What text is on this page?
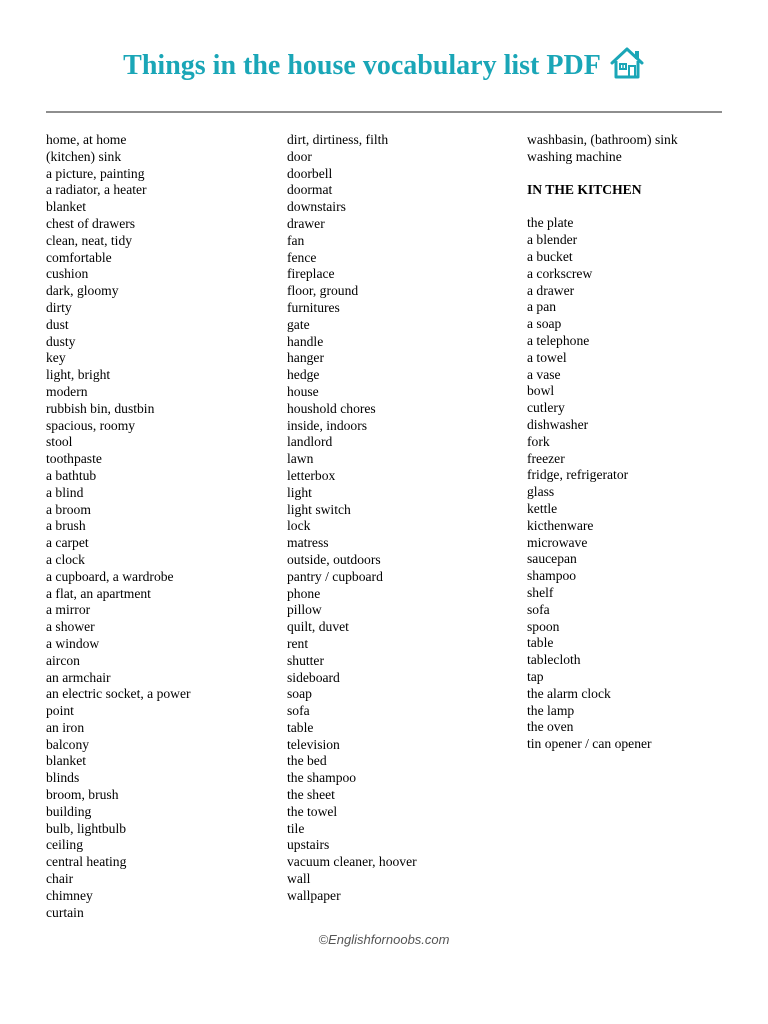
Things in the house vocabulary list PDF
home, at home
(kitchen) sink
a picture, painting
a radiator, a heater
blanket
chest of drawers
clean, neat, tidy
comfortable
cushion
dark, gloomy
dirty
dust
dusty
key
light, bright
modern
rubbish bin, dustbin
spacious, roomy
stool
toothpaste
a bathtub
a blind
a broom
a brush
a carpet
a clock
a cupboard, a wardrobe
a flat, an apartment
a mirror
a shower
a window
aircon
an armchair
an electric socket, a power
point
an iron
balcony
blanket
blinds
broom, brush
building
bulb, lightbulb
ceiling
central heating
chair
chimney
curtain
dirt, dirtiness, filth
door
doorbell
doormat
downstairs
drawer
fan
fence
fireplace
floor, ground
furnitures
gate
handle
hanger
hedge
house
houshold chores
inside, indoors
landlord
lawn
letterbox
light
light switch
lock
matress
outside, outdoors
pantry / cupboard
phone
pillow
quilt, duvet
rent
shutter
sideboard
soap
sofa
table
television
the bed
the shampoo
the sheet
the towel
tile
upstairs
vacuum cleaner, hoover
wall
wallpaper
washbasin, (bathroom) sink
washing machine
IN THE KITCHEN
the plate
a blender
a bucket
a corkscrew
a drawer
a pan
a soap
a telephone
a towel
a vase
bowl
cutlery
dishwasher
fork
freezer
fridge, refrigerator
glass
kettle
kicthenware
microwave
saucepan
shampoo
shelf
sofa
spoon
table
tablecloth
tap
the alarm clock
the lamp
the oven
tin opener / can opener
©Englishfornoobs.com
